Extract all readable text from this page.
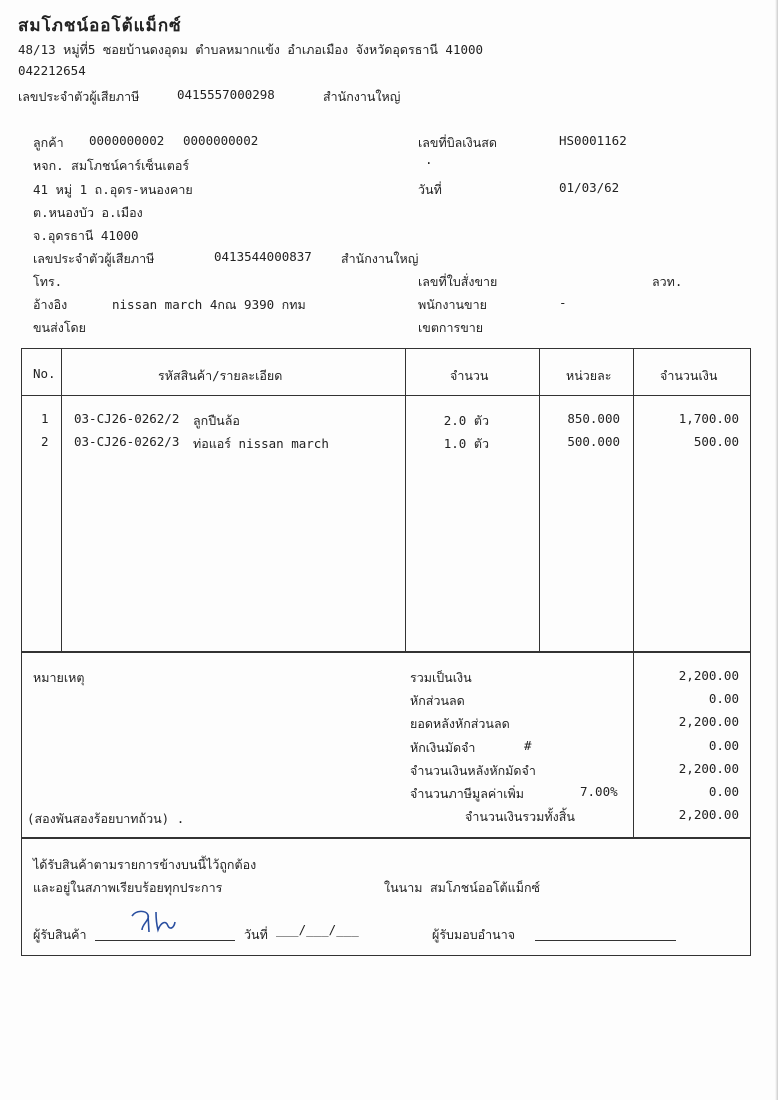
สมโภชน์ออโต้แม็กซ์
48/13 หมู่ที่5 ซอยบ้านดงอุดม ตำบลหมากแข้ง อำเภอเมือง จังหวัดอุดรธานี 41000
042212654
เลขประจำตัวผู้เสียภาษี	0415557000298	สำนักงานใหญ่
ลูกค้า 0000000002 0000000002
หจก. สมโภชน์คาร์เซ็นเตอร์
41 หมู่ 1 ถ.อุดร-หนองคาย
ต.หนองบัว อ.เมือง
จ.อุดรธานี 41000
เลขประจำตัวผู้เสียภาษี	0413544000837 สำนักงานใหญ่
โทร.
อ้างอิง	nissan march 4กณ 9390 กทม
ขนส่งโดย
เลขที่บิลเงินสด	HS0001162
.
วันที่	01/03/62
เลขที่ใบสั่งขาย	ลวท.
พนักงานขาย	-
เขตการขาย
No.	รหัสสินค้า/รายละเอียด	จำนวน	หน่วยละ	จำนวนเงิน
1 03-CJ26-0262/2 ลูกปืนล้อ	2.0 ตัว	850.000	1,700.00
2 03-CJ26-0262/3 ท่อแอร์ nissan march	1.0 ตัว	500.000	500.00
หมายเหตุ
(สองพันสองร้อยบาทถ้วน) .
รวมเป็นเงิน	2,200.00
หักส่วนลด	0.00
ยอดหลังหักส่วนลด	2,200.00
หักเงินมัดจำ	#	0.00
จำนวนเงินหลังหักมัดจำ	2,200.00
จำนวนภาษีมูลค่าเพิ่ม	7.00%	0.00
จำนวนเงินรวมทั้งสิ้น	2,200.00
ได้รับสินค้าตามรายการข้างบนนี้ไว้ถูกต้อง
และอยู่ในสภาพเรียบร้อยทุกประการ	ในนาม สมโภชน์ออโต้แม็กซ์
ผู้รับสินค้า	วันที่ ___/___/___	ผู้รับมอบอำนาจ
